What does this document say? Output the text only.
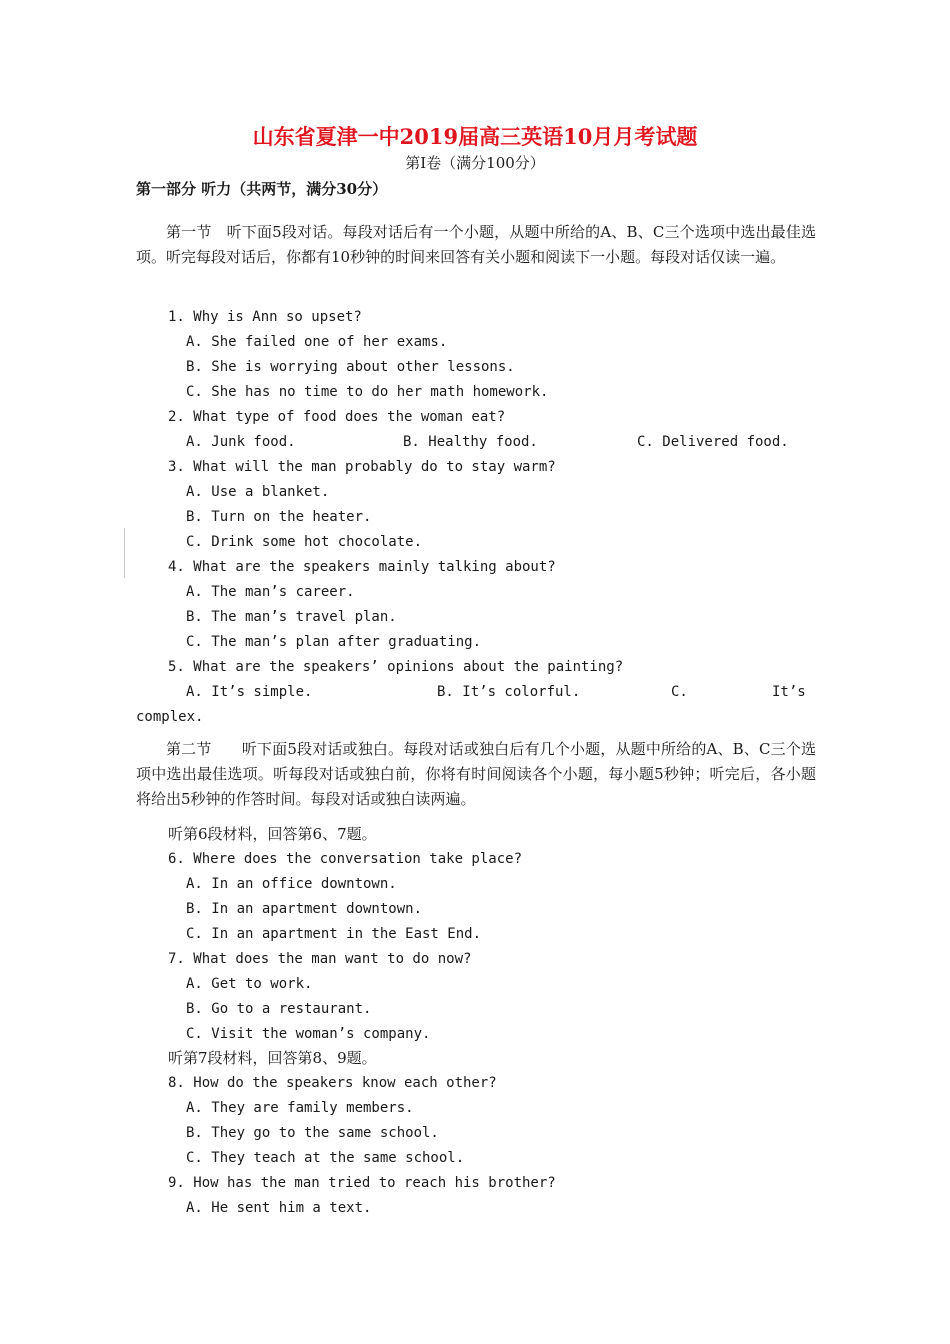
山东省夏津一中2019届高三英语10月月考试题
第I卷（满分100分）
第一部分 听力（共两节，满分30分）
第一节　听下面5段对话。每段对话后有一个小题，从题中所给的A、B、C三个选项中选出最佳选项。听完每段对话后，你都有10秒钟的时间来回答有关小题和阅读下一小题。每段对话仅读一遍。
1. Why is Ann so upset?
A. She failed one of her exams.
B. She is worrying about other lessons.
C. She has no time to do her math homework.
2. What type of food does the woman eat?
A. Junk food.	B. Healthy food.	C. Delivered food.
3. What will the man probably do to stay warm?
A. Use a blanket.
B. Turn on the heater.
C. Drink some hot chocolate.
4. What are the speakers mainly talking about?
A. The man’s career.
B. The man’s travel plan.
C. The man’s plan after graduating.
5. What are the speakers’ opinions about the painting?
A. It’s simple.	B. It’s colorful.	C.	It’s
complex.
第二节　　听下面5段对话或独白。每段对话或独白后有几个小题，从题中所给的A、B、C三个选项中选出最佳选项。听每段对话或独白前，你将有时间阅读各个小题，每小题5秒钟；听完后，各小题将给出5秒钟的作答时间。每段对话或独白读两遍。
听第6段材料，回答第6、7题。
6. Where does the conversation take place?
A. In an office downtown.
B. In an apartment downtown.
C. In an apartment in the East End.
7. What does the man want to do now?
A. Get to work.
B. Go to a restaurant.
C. Visit the woman’s company.
听第7段材料，回答第8、9题。
8. How do the speakers know each other?
A. They are family members.
B. They go to the same school.
C. They teach at the same school.
9. How has the man tried to reach his brother?
A. He sent him a text.
